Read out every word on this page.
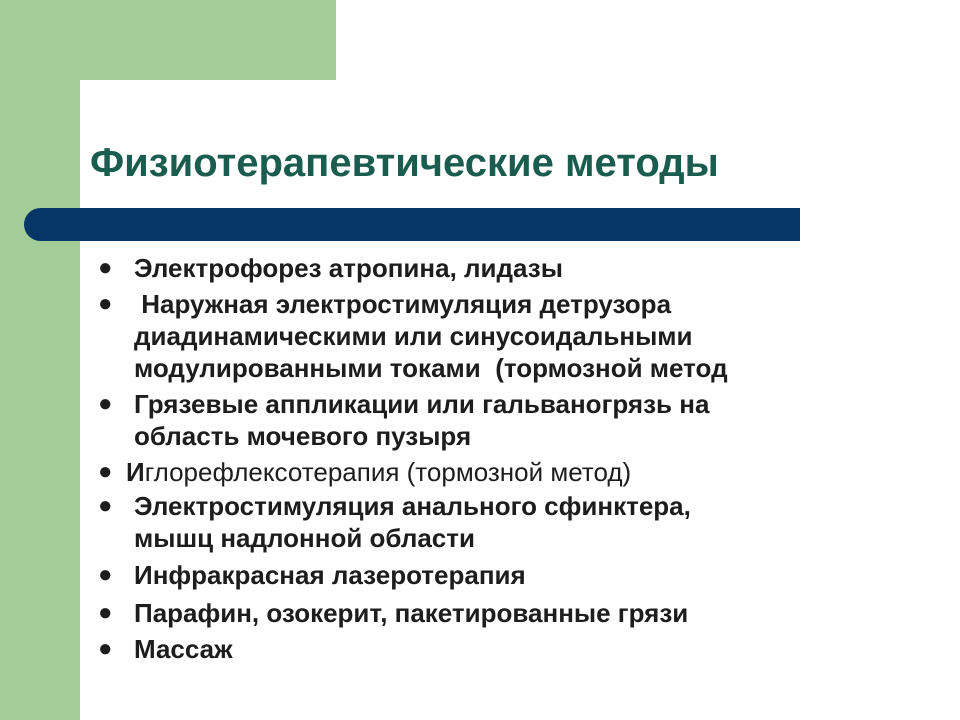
Физиотерапевтические методы
● Электрофорез атропина, лидазы
● Наружная электростимуляция детрузора
диадинамическими или синусоидальными
модулированными токами  (тормозной метод
● Грязевые аппликации или гальваногрязь на
область мочевого пузыря
● Иглорефлексотерапия (тормозной метод)
● Электростимуляция анального сфинктера,
мышц надлонной области
● Инфракрасная лазеротерапия
● Парафин, озокерит, пакетированные грязи
● Массаж
